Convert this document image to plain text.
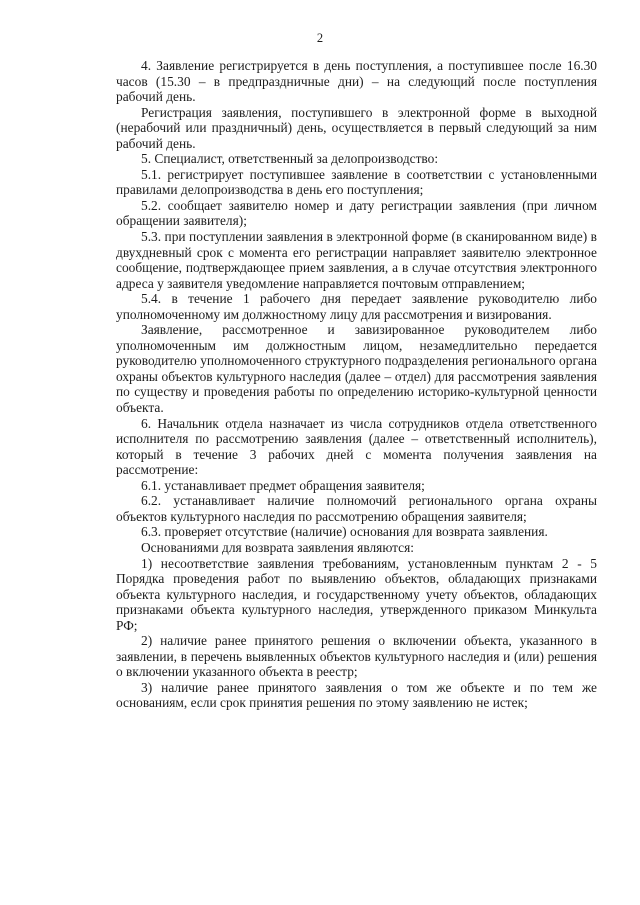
2

4. Заявление регистрируется в день поступления, а поступившее после 16.30 часов (15.30 – в предпраздничные дни) – на следующий после поступления рабочий день.

Регистрация заявления, поступившего в электронной форме в выходной (нерабочий или праздничный) день, осуществляется в первый следующий за ним рабочий день.

5. Специалист, ответственный за делопроизводство:

5.1. регистрирует поступившее заявление в соответствии с установленными правилами делопроизводства в день его поступления;

5.2. сообщает заявителю номер и дату регистрации заявления (при личном обращении заявителя);

5.3. при поступлении заявления в электронной форме (в сканированном виде) в двухдневный срок с момента его регистрации направляет заявителю электронное сообщение, подтверждающее прием заявления, а в случае отсутствия электронного адреса у заявителя уведомление направляется почтовым отправлением;

5.4. в течение 1 рабочего дня передает заявление руководителю либо уполномоченному им должностному лицу для рассмотрения и визирования.

Заявление, рассмотренное и завизированное руководителем либо уполномоченным им должностным лицом, незамедлительно передается руководителю уполномоченного структурного подразделения регионального органа охраны объектов культурного наследия (далее – отдел) для рассмотрения заявления по существу и проведения работы по определению историко-культурной ценности объекта.

6. Начальник отдела назначает из числа сотрудников отдела ответственного исполнителя по рассмотрению заявления (далее – ответственный исполнитель), который в течение 3 рабочих дней с момента получения заявления на рассмотрение:

6.1. устанавливает предмет обращения заявителя;

6.2. устанавливает наличие полномочий регионального органа охраны объектов культурного наследия по рассмотрению обращения заявителя;

6.3. проверяет отсутствие (наличие) основания для возврата заявления.

Основаниями для возврата заявления являются:

1) несоответствие заявления требованиям, установленным пунктам 2 - 5 Порядка проведения работ по выявлению объектов, обладающих признаками объекта культурного наследия, и государственному учету объектов, обладающих признаками объекта культурного наследия, утвержденного приказом Минкульта РФ;

2) наличие ранее принятого решения о включении объекта, указанного в заявлении, в перечень выявленных объектов культурного наследия и (или) решения о включении указанного объекта в реестр;

3) наличие ранее принятого заявления о том же объекте и по тем же основаниям, если срок принятия решения по этому заявлению не истек;
